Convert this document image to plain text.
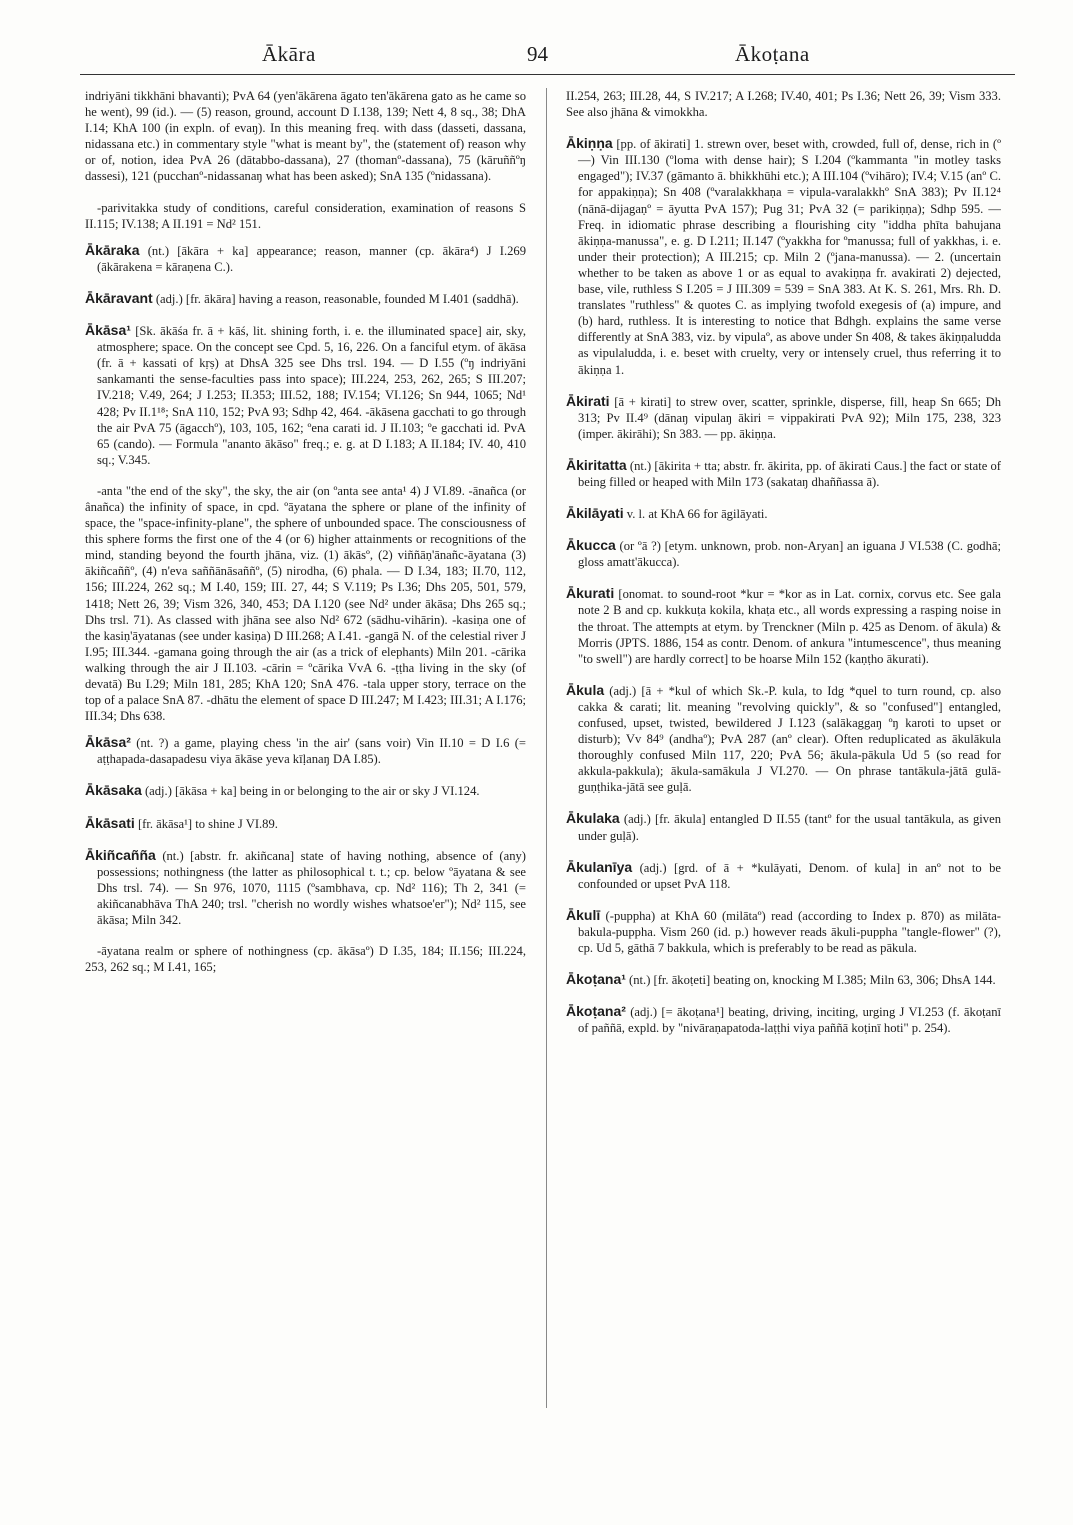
Ākāra	94	Ākoṭana

indriyāni tikkhāni bhavanti); PvA 64 (yen'ākārena āgato ten'ākārena gato as he came so he went), 99 (id.). — (5) reason, ground, account D I.138, 139; Nett 4, 8 sq., 38; DhA I.14; KhA 100 (in expln. of evaŋ). In this meaning freq. with dass (dasseti, dassana, nidassana etc.) in commentary style "what is meant by", the (statement of) reason why or of, notion, idea PvA 26 (dātabbo-dassana), 27 (thomanº-dassana), 75 (kāruññºŋ dassesi), 121 (pucchanº-nidassanaŋ what has been asked); SnA 135 (ºnidassana).

-parivitakka study of conditions, careful consideration, examination of reasons S II.115; IV.138; A II.191 = Nd² 151.

Ākāraka (nt.) [ākāra + ka] appearance; reason, manner (cp. ākāra⁴) J I.269 (ākārakena = kāraṇena C.).

Ākāravant (adj.) [fr. ākāra] having a reason, reasonable, founded M I.401 (saddhā).

Ākāsa¹ [Sk. ākāśa fr. ā + kāś, lit. shining forth, i. e. the illuminated space] air, sky, atmosphere; space. On the concept see Cpd. 5, 16, 226. On a fanciful etym. of ākāsa (fr. ā + kassati of kṛṣ) at DhsA 325 see Dhs trsl. 194. — D I.55 (ºŋ indriyāni sankamanti the sense-faculties pass into space); III.224, 253, 262, 265; S III.207; IV.218; V.49, 264; J I.253; II.353; III.52, 188; IV.154; VI.126; Sn 944, 1065; Nd¹ 428; Pv II.1¹⁸; SnA 110, 152; PvA 93; Sdhp 42, 464. -ākāsena gacchati to go through the air PvA 75 (āgacchº), 103, 105, 162; ºena carati id. J II.103; ºe gacchati id. PvA 65 (cando). — Formula "ananto ākāso" freq.; e. g. at D I.183; A II.184; IV. 40, 410 sq.; V.345.

-anta "the end of the sky", the sky, the air (on ºanta see anta¹ 4) J VI.89. -ānañca (or ânañca) the infinity of space, in cpd. ºāyatana the sphere or plane of the infinity of space, the "space-infinity-plane", the sphere of unbounded space. The consciousness of this sphere forms the first one of the 4 (or 6) higher attainments or recognitions of the mind, standing beyond the fourth jhāna, viz. (1) ākāsº, (2) viññāṇ'ānañc-āyatana (3) ākiñcaññº, (4) n'eva saññānāsaññº, (5) nirodha, (6) phala. — D I.34, 183; II.70, 112, 156; III.224, 262 sq.; M I.40, 159; III. 27, 44; S V.119; Ps I.36; Dhs 205, 501, 579, 1418; Nett 26, 39; Vism 326, 340, 453; DA I.120 (see Nd² under ākāsa; Dhs 265 sq.; Dhs trsl. 71). As classed with jhāna see also Nd² 672 (sādhu-vihārin). -kasiṇa one of the kasiṇ'āyatanas (see under kasiṇa) D III.268; A I.41. -gangā N. of the celestial river J I.95; III.344. -gamana going through the air (as a trick of elephants) Miln 201. -cārika walking through the air J II.103. -cārin = ºcārika VvA 6. -ṭṭha living in the sky (of devatā) Bu I.29; Miln 181, 285; KhA 120; SnA 476. -tala upper story, terrace on the top of a palace SnA 87. -dhātu the element of space D III.247; M I.423; III.31; A I.176; III.34; Dhs 638.

Ākāsa² (nt. ?) a game, playing chess 'in the air' (sans voir) Vin II.10 = D I.6 (= aṭṭhapada-dasapadesu viya ākāse yeva kīḷanaŋ DA I.85).

Ākāsaka (adj.) [ākāsa + ka] being in or belonging to the air or sky J VI.124.

Ākāsati [fr. ākāsa¹] to shine J VI.89.

Ākiñcañña (nt.) [abstr. fr. akiñcana] state of having nothing, absence of (any) possessions; nothingness (the latter as philosophical t. t.; cp. below ºāyatana & see Dhs trsl. 74). — Sn 976, 1070, 1115 (ºsambhava, cp. Nd² 116); Th 2, 341 (= akiñcanabhāva ThA 240; trsl. "cherish no wordly wishes whatsoe'er"); Nd² 115, see ākāsa; Miln 342.

-āyatana realm or sphere of nothingness (cp. ākāsaº) D I.35, 184; II.156; III.224, 253, 262 sq.; M I.41, 165;

II.254, 263; III.28, 44, S IV.217; A I.268; IV.40, 401; Ps I.36; Nett 26, 39; Vism 333. See also jhāna & vimokkha.

Ākiṇṇa [pp. of ākirati] 1. strewn over, beset with, crowded, full of, dense, rich in (º—) Vin III.130 (ºloma with dense hair); S I.204 (ºkammanta "in motley tasks engaged"); IV.37 (gāmanto ā. bhikkhūhi etc.); A III.104 (ºvihāro); IV.4; V.15 (anº C. for appakiṇṇa); Sn 408 (ºvaralakkhaṇa = vipula-varalakkhº SnA 383); Pv II.12⁴ (nānā-dijagaṇº = āyutta PvA 157); Pug 31; PvA 32 (= parikiṇṇa); Sdhp 595. — Freq. in idiomatic phrase describing a flourishing city "iddha phīta bahujana ākiṇṇa-manussa", e. g. D I.211; II.147 (ºyakkha for ºmanussa; full of yakkhas, i. e. under their protection); A III.215; cp. Miln 2 (ºjana-manussa). — 2. (uncertain whether to be taken as above 1 or as equal to avakiṇṇa fr. avakirati 2) dejected, base, vile, ruthless S I.205 = J III.309 = 539 = SnA 383. At K. S. 261, Mrs. Rh. D. translates "ruthless" & quotes C. as implying twofold exegesis of (a) impure, and (b) hard, ruthless. It is interesting to notice that Bdhgh. explains the same verse differently at SnA 383, viz. by vipulaº, as above under Sn 408, & takes ākiṇṇaludda as vipulaludda, i. e. beset with cruelty, very or intensely cruel, thus referring it to ākiṇṇa 1.

Ākirati [ā + kirati] to strew over, scatter, sprinkle, disperse, fill, heap Sn 665; Dh 313; Pv II.4⁹ (dānaŋ vipulaŋ ākiri = vippakirati PvA 92); Miln 175, 238, 323 (imper. ākirāhi); Sn 383. — pp. ākiṇṇa.

Ākiritatta (nt.) [ākirita + tta; abstr. fr. ākirita, pp. of ākirati Caus.] the fact or state of being filled or heaped with Miln 173 (sakataŋ dhaññassa ā).

Ākilāyati v. l. at KhA 66 for āgilāyati.

Ākucca (or ºā ?) [etym. unknown, prob. non-Aryan] an iguana J VI.538 (C. godhā; gloss amatt'ākucca).

Ākurati [onomat. to sound-root *kur = *kor as in Lat. cornix, corvus etc. See gala note 2 B and cp. kukkuṭa kokila, khaṭa etc., all words expressing a rasping noise in the throat. The attempts at etym. by Trenckner (Miln p. 425 as Denom. of ākula) & Morris (JPTS. 1886, 154 as contr. Denom. of ankura "intumescence", thus meaning "to swell") are hardly correct] to be hoarse Miln 152 (kaṇṭho ākurati).

Ākula (adj.) [ā + *kul of which Sk.-P. kula, to Idg *quel to turn round, cp. also cakka & carati; lit. meaning "revolving quickly", & so "confused"] entangled, confused, upset, twisted, bewildered J I.123 (salākaggaŋ ºŋ karoti to upset or disturb); Vv 84⁹ (andhaº); PvA 287 (anº clear). Often reduplicated as ākulākula thoroughly confused Miln 117, 220; PvA 56; ākula-pākula Ud 5 (so read for akkula-pakkula); ākula-samākula J VI.270. — On phrase tantākula-jātā gulā-guṇṭhika-jātā see guḷā.

Ākulaka (adj.) [fr. ākula] entangled D II.55 (tantº for the usual tantākula, as given under guḷā).

Ākulanīya (adj.) [grd. of ā + *kulāyati, Denom. of kula] in anº not to be confounded or upset PvA 118.

Ākulī (-puppha) at KhA 60 (milātaº) read (according to Index p. 870) as milāta-bakula-puppha. Vism 260 (id. p.) however reads ākuli-puppha "tangle-flower" (?), cp. Ud 5, gāthā 7 bakkula, which is preferably to be read as pākula.

Ākoṭana¹ (nt.) [fr. ākoṭeti] beating on, knocking M I.385; Miln 63, 306; DhsA 144.

Ākoṭana² (adj.) [= ākoṭana¹] beating, driving, inciting, urging J VI.253 (f. ākoṭanī of paññā, expld. by "nivāraṇapatoda-laṭṭhi viya paññā koṭinī hoti" p. 254).
